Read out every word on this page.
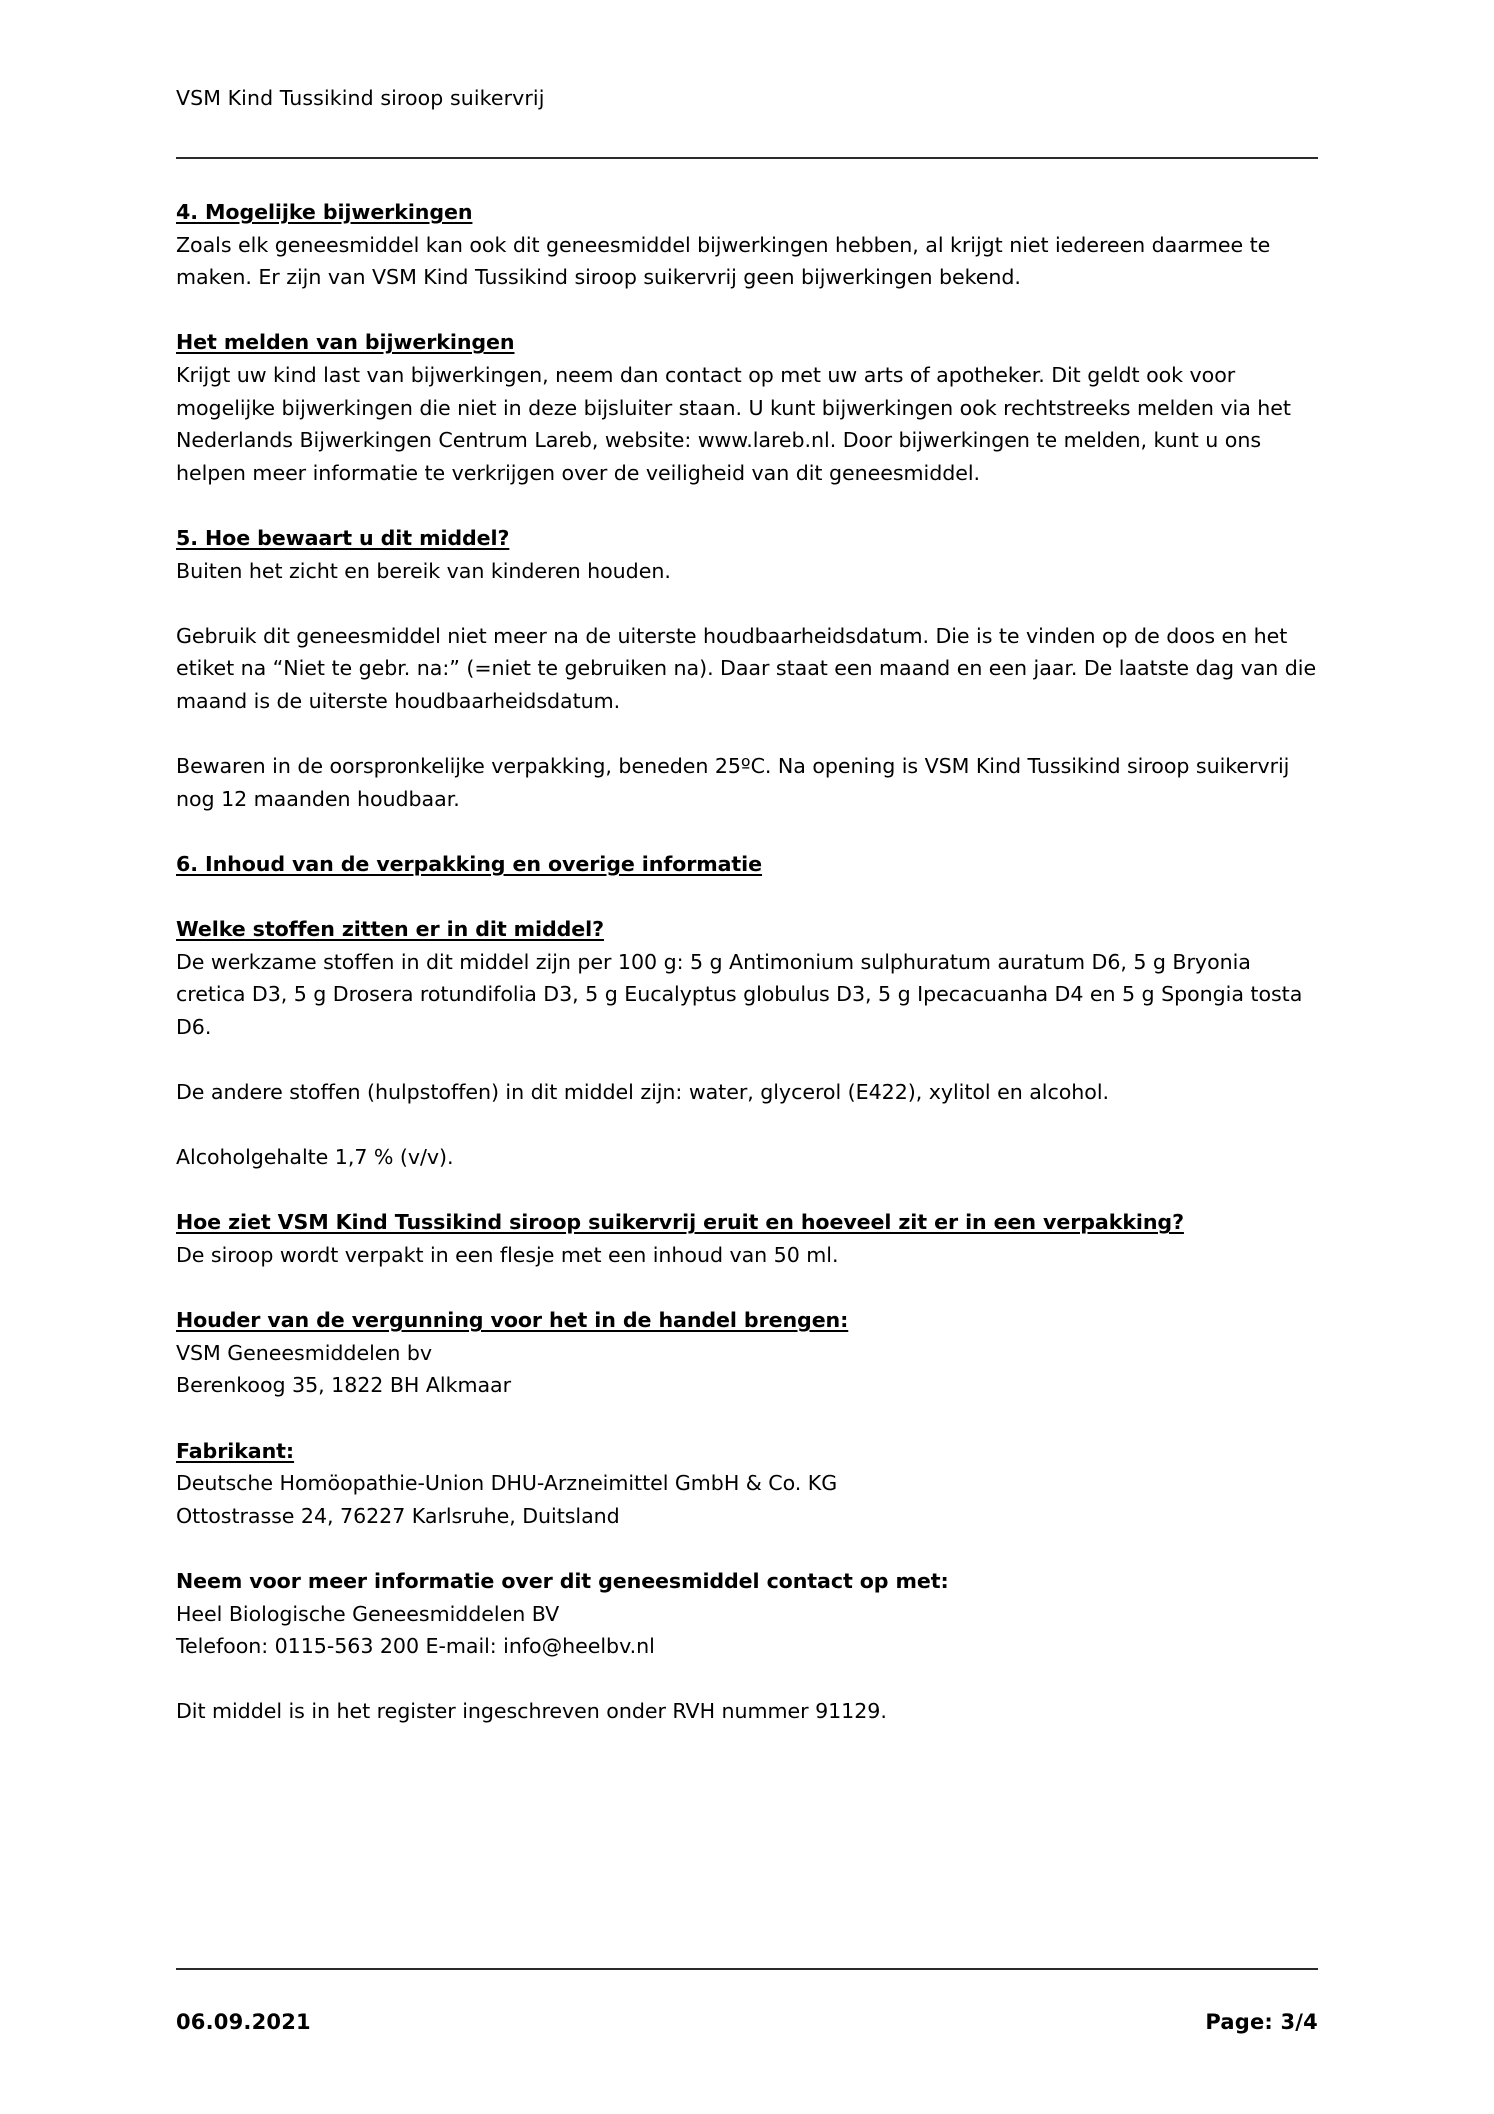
VSM Kind Tussikind siroop suikervrij
4. Mogelijke bijwerkingen

Zoals elk geneesmiddel kan ook dit geneesmiddel bijwerkingen hebben, al krijgt niet iedereen daarmee te maken. Er zijn van VSM Kind Tussikind siroop suikervrij geen bijwerkingen bekend.

Het melden van bijwerkingen

Krijgt uw kind last van bijwerkingen, neem dan contact op met uw arts of apotheker. Dit geldt ook voor mogelijke bijwerkingen die niet in deze bijsluiter staan. U kunt bijwerkingen ook rechtstreeks melden via het Nederlands Bijwerkingen Centrum Lareb, website: www.lareb.nl. Door bijwerkingen te melden, kunt u ons helpen meer informatie te verkrijgen over de veiligheid van dit geneesmiddel.

5. Hoe bewaart u dit middel?

Buiten het zicht en bereik van kinderen houden.

Gebruik dit geneesmiddel niet meer na de uiterste houdbaarheidsdatum. Die is te vinden op de doos en het etiket na “Niet te gebr. na:” (=niet te gebruiken na). Daar staat een maand en een jaar. De laatste dag van die maand is de uiterste houdbaarheidsdatum.

Bewaren in de oorspronkelijke verpakking, beneden 25ºC. Na opening is VSM Kind Tussikind siroop suikervrij nog 12 maanden houdbaar.

6. Inhoud van de verpakking en overige informatie
Welke stoffen zitten er in dit middel?

De werkzame stoffen in dit middel zijn per 100 g: 5 g Antimonium sulphuratum auratum D6, 5 g Bryonia cretica D3, 5 g Drosera rotundifolia D3, 5 g Eucalyptus globulus D3, 5 g Ipecacuanha D4 en 5 g Spongia tosta D6.

De andere stoffen (hulpstoffen) in dit middel zijn: water, glycerol (E422), xylitol en alcohol.

Alcoholgehalte 1,7 % (v/v).

Hoe ziet VSM Kind Tussikind siroop suikervrij eruit en hoeveel zit er in een verpakking?

De siroop wordt verpakt in een flesje met een inhoud van 50 ml.

Houder van de vergunning voor het in de handel brengen:

VSM Geneesmiddelen bv

Berenkoog 35, 1822 BH Alkmaar

Fabrikant:

Deutsche Homöopathie-Union DHU-Arzneimittel GmbH & Co. KG

Ottostrasse 24, 76227 Karlsruhe, Duitsland

Neem voor meer informatie over dit geneesmiddel contact op met:

Heel Biologische Geneesmiddelen BV

Telefoon: 0115-563 200 E-mail: info@heelbv.nl

Dit middel is in het register ingeschreven onder RVH nummer 91129.

06.09.2021	Page: 3/4
